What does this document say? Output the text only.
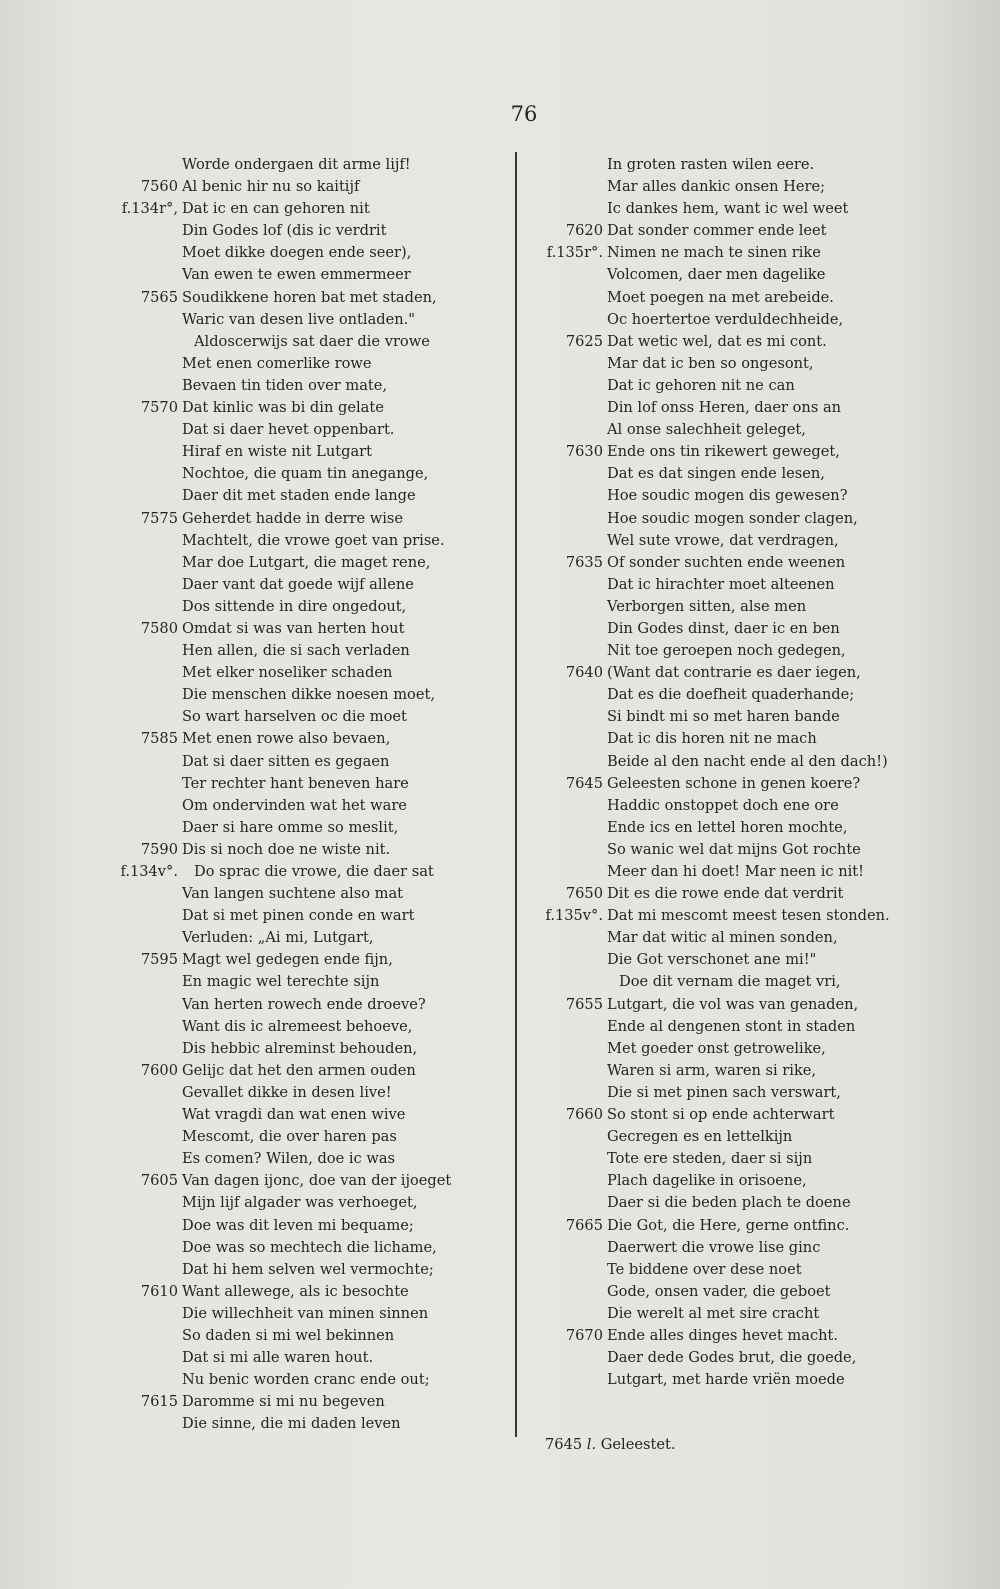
76
Worde ondergaen dit arme lijf!
7560 Al benic hir nu so kaitijf
f.134r°, Dat ic en can gehoren nit
Din Godes lof (dis ic verdrit
Moet dikke doegen ende seer),
Van ewen te ewen emmermeer
7565 Soudikkene horen bat met staden,
Waric van desen live ontladen."
Aldoscerwijs sat daer die vrowe
Met enen comerlike rowe
Bevaen tin tiden over mate,
7570 Dat kinlic was bi din gelate
Dat si daer hevet oppenbart.
Hiraf en wiste nit Lutgart
Nochtoe, die quam tin anegange,
Daer dit met staden ende lange
7575 Geherdet hadde in derre wise
Machtelt, die vrowe goet van prise.
Mar doe Lutgart, die maget rene,
Daer vant dat goede wijf allene
Dos sittende in dire ongedout,
7580 Omdat si was van herten hout
Hen allen, die si sach verladen
Met elker noseliker schaden
Die menschen dikke noesen moet,
So wart harselven oc die moet
7585 Met enen rowe also bevaen,
Dat si daer sitten es gegaen
Ter rechter hant beneven hare
Om ondervinden wat het ware
Daer si hare omme so meslit,
7590 Dis si noch doe ne wiste nit.
f.134v°. Do sprac die vrowe, die daer sat
Van langen suchtene also mat
Dat si met pinen conde en wart
Verluden: „Ai mi, Lutgart,
7595 Magt wel gedegen ende fijn,
En magic wel terechte sijn
Van herten rowech ende droeve?
Want dis ic alremeest behoeve,
Dis hebbic alreminst behouden,
7600 Gelijc dat het den armen ouden
Gevallet dikke in desen live!
Wat vragdi dan wat enen wive
Mescomt, die over haren pas
Es comen? Wilen, doe ic was
7605 Van dagen ijonc, doe van der ijoeget
Mijn lijf algader was verhoeget,
Doe was dit leven mi bequame;
Doe was so mechtech die lichame,
Dat hi hem selven wel vermochte;
7610 Want allewege, als ic besochte
Die willechheit van minen sinnen
So daden si mi wel bekinnen
Dat si mi alle waren hout.
Nu benic worden cranc ende out;
7615 Daromme si mi nu begeven
Die sinne, die mi daden leven
In groten rasten wilen eere.
Mar alles dankic onsen Here;
Ic dankes hem, want ic wel weet
7620 Dat sonder commer ende leet
f.135r°. Nimen ne mach te sinen rike
Volcomen, daer men dagelike
Moet poegen na met arebeide.
Oc hoertertoe verduldechheide,
7625 Dat wetic wel, dat es mi cont.
Mar dat ic ben so ongesont,
Dat ic gehoren nit ne can
Din lof onss Heren, daer ons an
Al onse salechheit geleget,
7630 Ende ons tin rikewert geweget,
Dat es dat singen ende lesen,
Hoe soudic mogen dis gewesen?
Hoe soudic mogen sonder clagen,
Wel sute vrowe, dat verdragen,
7635 Of sonder suchten ende weenen
Dat ic hirachter moet alteenen
Verborgen sitten, alse men
Din Godes dinst, daer ic en ben
Nit toe geroepen noch gedegen,
7640 (Want dat contrarie es daer iegen,
Dat es die doefheit quaderhande;
Si bindt mi so met haren bande
Dat ic dis horen nit ne mach
Beide al den nacht ende al den dach!)
7645 Geleesten schone in genen koere?
Haddic onstoppet doch ene ore
Ende ics en lettel horen mochte,
So wanic wel dat mijns Got rochte
Meer dan hi doet! Mar neen ic nit!
7650 Dit es die rowe ende dat verdrit
f.135v°. Dat mi mescomt meest tesen stonden.
Mar dat witic al minen sonden,
Die Got verschonet ane mi!"
Doe dit vernam die maget vri,
7655 Lutgart, die vol was van genaden,
Ende al dengenen stont in staden
Met goeder onst getrowelike,
Waren si arm, waren si rike,
Die si met pinen sach verswart,
7660 So stont si op ende achterwart
Gecregen es en lettelkijn
Tote ere steden, daer si sijn
Plach dagelike in orisoene,
Daer si die beden plach te doene
7665 Die Got, die Here, gerne ontfinc.
Daerwert die vrowe lise ginc
Te biddene over dese noet
Gode, onsen vader, die geboet
Die werelt al met sire cracht
7670 Ende alles dinges hevet macht.
Daer dede Godes brut, die goede,
Lutgart, met harde vriën moede
7645 l. Geleestet.
